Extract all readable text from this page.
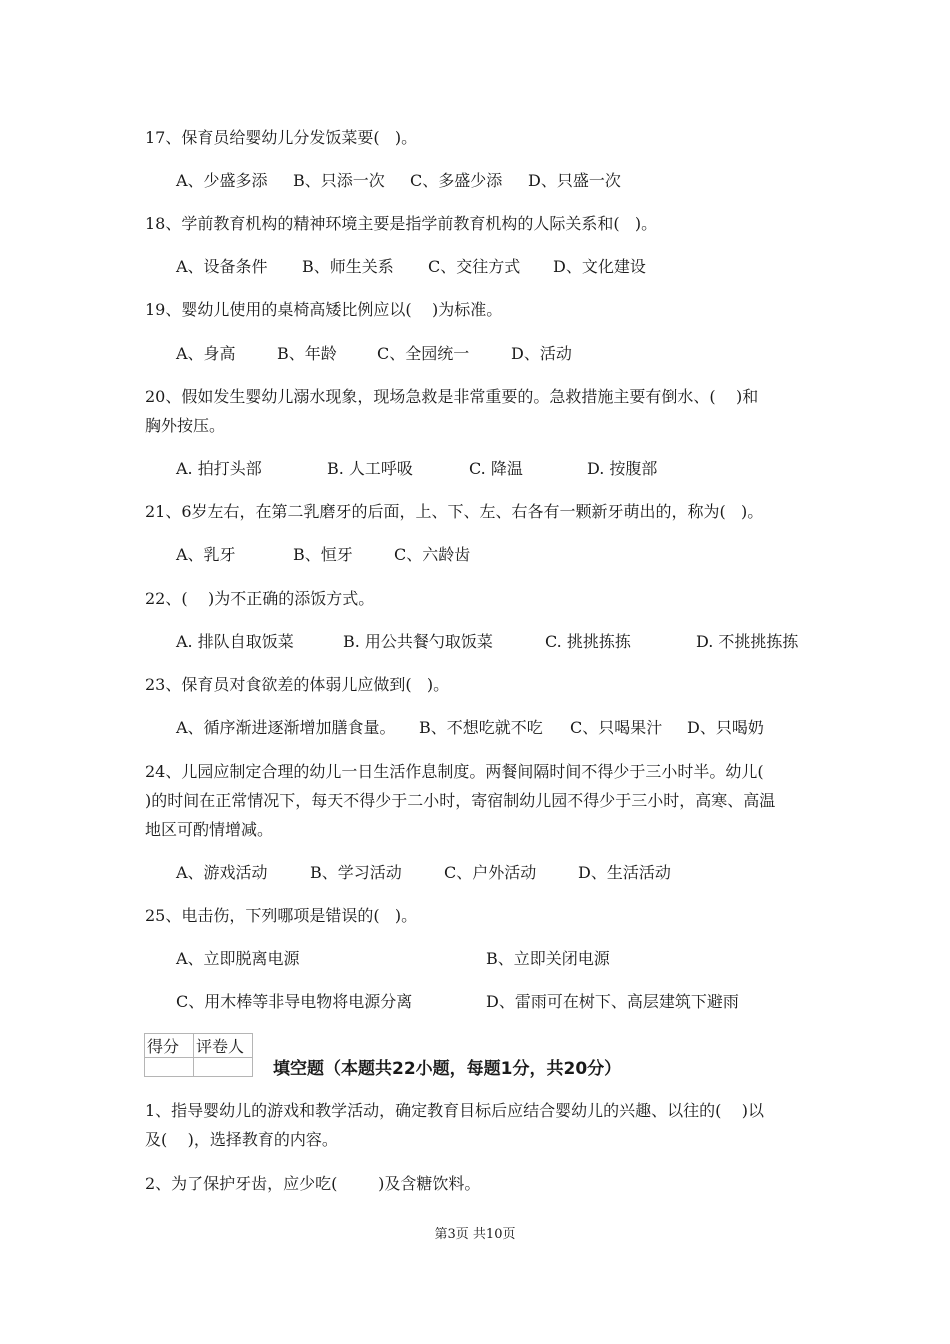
17、保育员给婴幼儿分发饭菜要(   )。
A、少盛多添 B、只添一次 C、多盛少添 D、只盛一次
18、学前教育机构的精神环境主要是指学前教育机构的人际关系和(   )。
A、设备条件 B、师生关系 C、交往方式 D、文化建设
19、婴幼儿使用的桌椅高矮比例应以(    )为标准。
A、身高	B、年龄	C、全园统一	D、活动
20、假如发生婴幼儿溺水现象，现场急救是非常重要的。急救措施主要有倒水、(    )和
胸外按压。
A. 拍打头部	B. 人工呼吸	C. 降温	D. 按腹部
21、6岁左右，在第二乳磨牙的后面，上、下、左、右各有一颗新牙萌出的，称为(   )。
A、乳牙	B、恒牙	C、六龄齿
22、(    )为不正确的添饭方式。
A. 排队自取饭菜	B. 用公共餐勺取饭菜	C. 挑挑拣拣	D. 不挑挑拣拣
23、保育员对食欲差的体弱儿应做到(   )。
A、循序渐进逐渐增加膳食量。 B、不想吃就不吃 C、只喝果汁 D、只喝奶
24、儿园应制定合理的幼儿一日生活作息制度。两餐间隔时间不得少于三小时半。幼儿(
)的时间在正常情况下，每天不得少于二小时，寄宿制幼儿园不得少于三小时，高寒、高温
地区可酌情增减。
A、游戏活动	B、学习活动	C、户外活动	D、生活活动
25、电击伤，下列哪项是错误的(   )。
A、立即脱离电源	B、立即关闭电源
C、用木棒等非导电物将电源分离	D、雷雨可在树下、高层建筑下避雨
得分	评卷人

填空题（本题共22小题，每题1分，共20分）
1、指导婴幼儿的游戏和教学活动，确定教育目标后应结合婴幼儿的兴趣、以往的(    )以
及(    )，选择教育的内容。
2、为了保护牙齿，应少吃(        )及含糖饮料。
第3页 共10页
